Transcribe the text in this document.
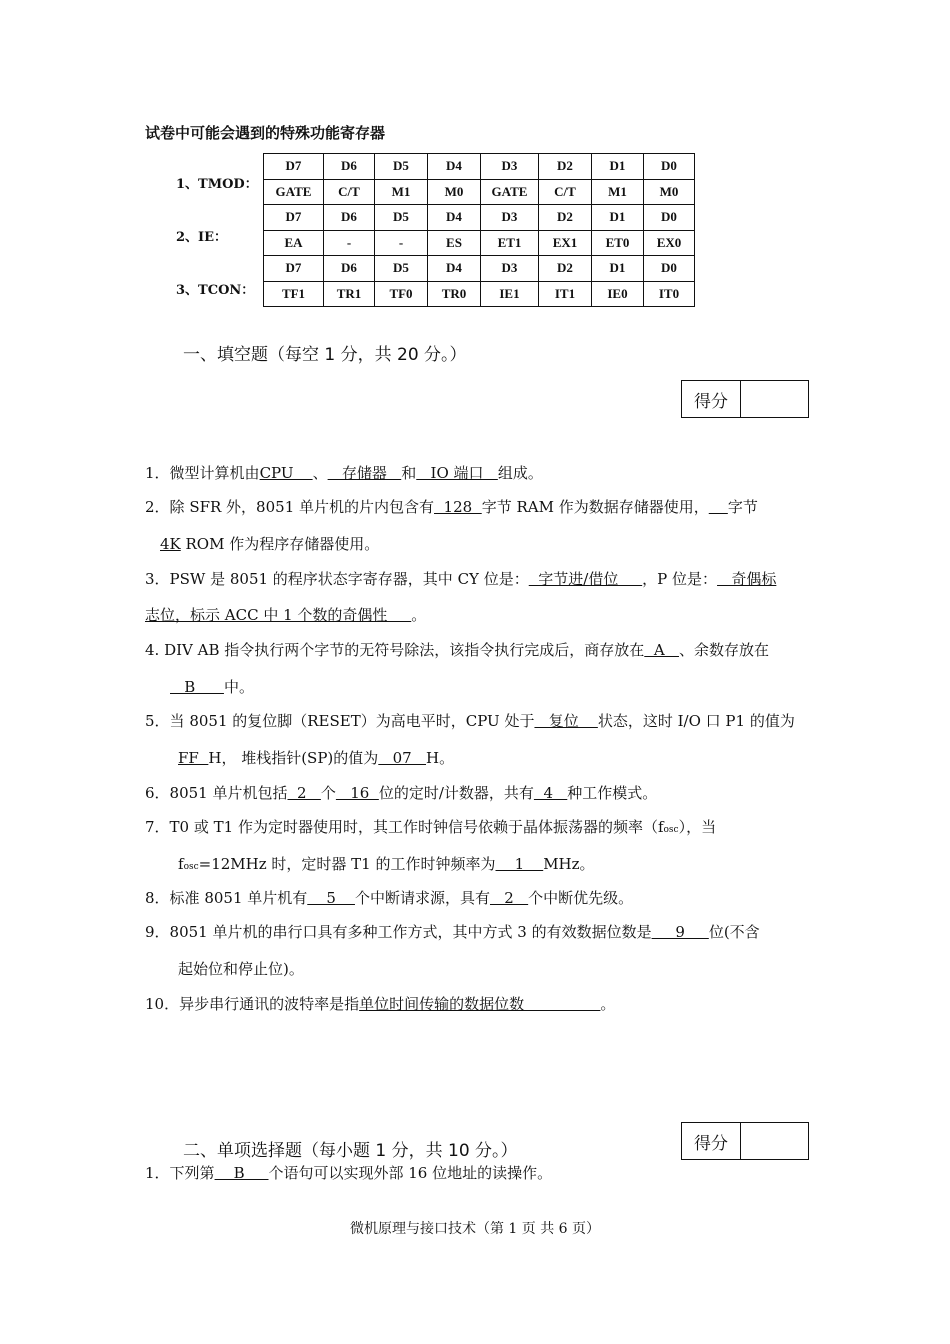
试卷中可能会遇到的特殊功能寄存器
1、TMOD：
2、IE：
3、TCON：
D7	D6	D5	D4	D3	D2	D1	D0
GATE	C/T	M1	M0	GATE	C/T	M1	M0
D7	D6	D5	D4	D3	D2	D1	D0
EA	-	-	ES	ET1	EX1	ET0	EX0
D7	D6	D5	D4	D3	D2	D1	D0
TF1	TR1	TF0	TR0	IE1	IT1	IE0	IT0
一、填空题（每空 1 分，共 20 分。）
得分
1．微型计算机由CPU    、   存储器   和   IO 端口   组成。
2．除 SFR 外，8051 单片机的片内包含有  128  字节 RAM 作为数据存储器使用， 字节
4K ROM 作为程序存储器使用。
3．PSW 是 8051 的程序状态字寄存器，其中 CY 位是：  字节进/借位     ，P 位是：   奇偶标
志位，标示 ACC 中 1 个数的奇偶性     。
4. DIV AB 指令执行两个字节的无符号除法，该指令执行完成后，商存放在  A   、余数存放在
B      中。
5．当 8051 的复位脚（RESET）为高电平时，CPU 处于   复位    状态，这时 I/O 口 P1 的值为
FF  H， 堆栈指针(SP)的值为   07   H。
6．8051 单片机包括  2   个   16  位的定时/计数器，共有  4   种工作模式。
7．T0 或 T1 作为定时器使用时，其工作时钟信号依赖于晶体振荡器的频率（fosc），当
fosc=12MHz 时，定时器 T1 的工作时钟频率为    1    MHz。
8．标准 8051 单片机有    5    个中断请求源，具有   2   个中断优先级。
9．8051 单片机的串行口具有多种工作方式，其中方式 3 的有效数据位数是     9     位(不含
起始位和停止位)。
10．异步串行通讯的波特率是指单位时间传输的数据位数                。
二、单项选择题（每小题 1 分，共 10 分。）	得分
1．下列第    B     个语句可以实现外部 16 位地址的读操作。
微机原理与接口技术（第 1 页 共 6 页）
